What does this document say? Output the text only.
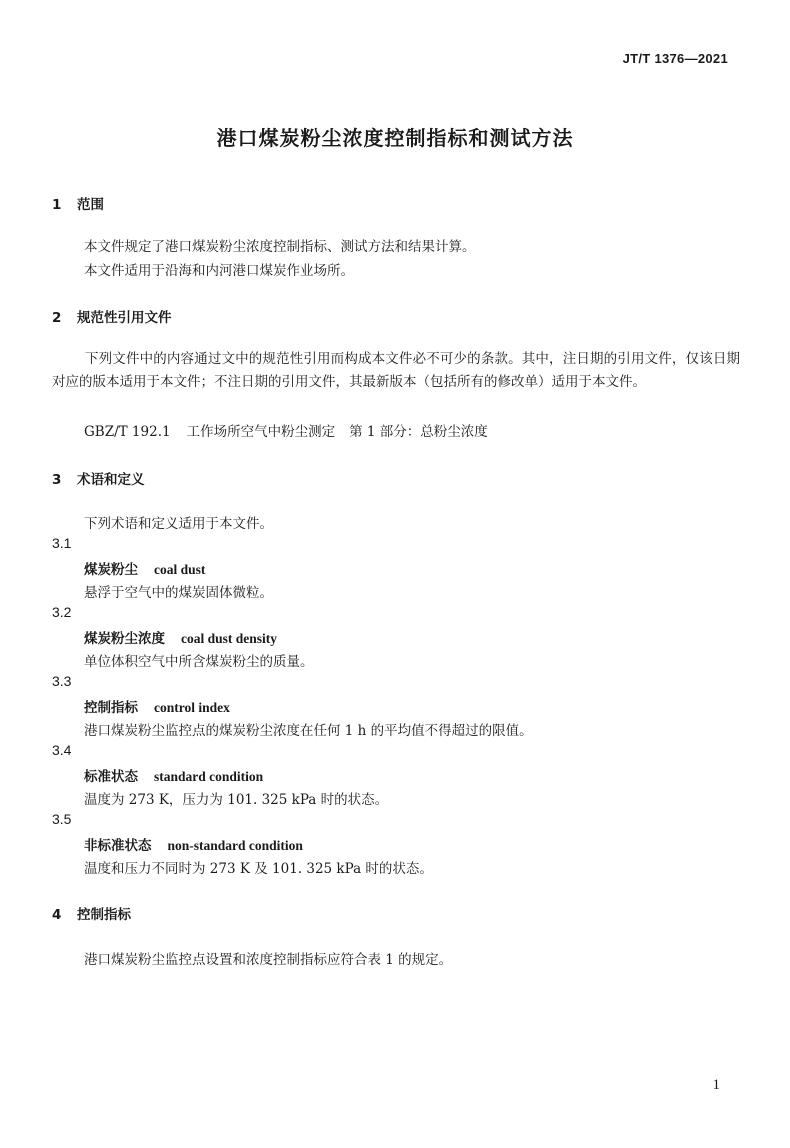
JT/T 1376—2021
港口煤炭粉尘浓度控制指标和测试方法
1 范围
本文件规定了港口煤炭粉尘浓度控制指标、测试方法和结果计算。
本文件适用于沿海和内河港口煤炭作业场所。
2 规范性引用文件
下列文件中的内容通过文中的规范性引用而构成本文件必不可少的条款。其中，注日期的引用文件，仅该日期对应的版本适用于本文件；不注日期的引用文件，其最新版本（包括所有的修改单）适用于本文件。
GBZ/T 192.1 工作场所空气中粉尘测定 第 1 部分：总粉尘浓度
3 术语和定义
下列术语和定义适用于本文件。
3.1
煤炭粉尘 coal dust
悬浮于空气中的煤炭固体微粒。
3.2
煤炭粉尘浓度 coal dust density
单位体积空气中所含煤炭粉尘的质量。
3.3
控制指标 control index
港口煤炭粉尘监控点的煤炭粉尘浓度在任何 1 h 的平均值不得超过的限值。
3.4
标准状态 standard condition
温度为 273 K，压力为 101. 325 kPa 时的状态。
3.5
非标准状态 non-standard condition
温度和压力不同时为 273 K 及 101. 325 kPa 时的状态。
4 控制指标
港口煤炭粉尘监控点设置和浓度控制指标应符合表 1 的规定。
1
